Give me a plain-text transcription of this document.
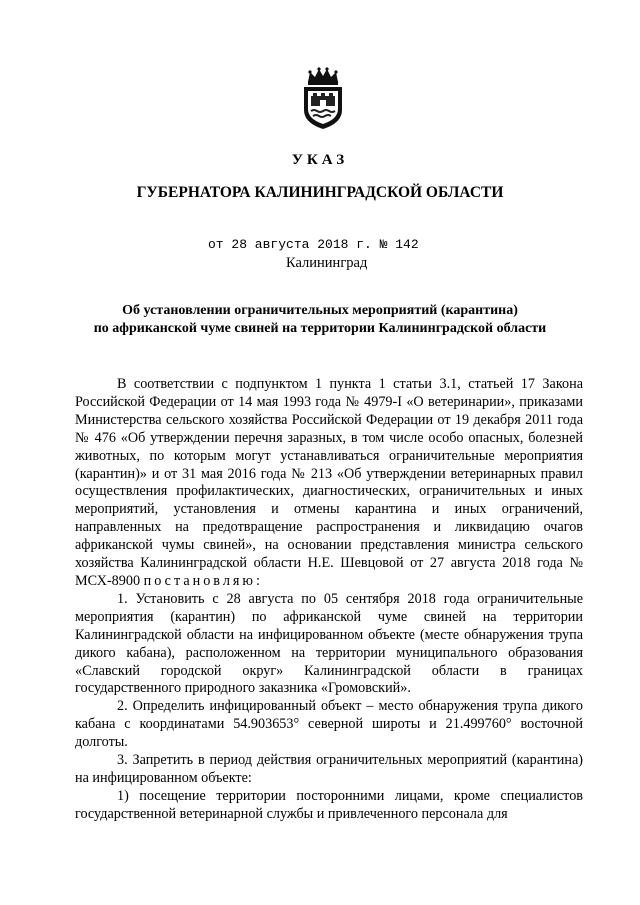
УКАЗ
ГУБЕРНАТОРА КАЛИНИНГРАДСКОЙ ОБЛАСТИ
от 28 августа 2018 г. № 142
Калининград
Об установлении ограничительных мероприятий (карантина)
по африканской чуме свиней на территории Калининградской области

В соответствии с подпунктом 1 пункта 1 статьи 3.1, статьей 17 Закона Российской Федерации от 14 мая 1993 года № 4979-I «О ветеринарии», приказами Министерства сельского хозяйства Российской Федерации от 19 декабря 2011 года № 476 «Об утверждении перечня заразных, в том числе особо опасных, болезней животных, по которым могут устанавливаться ограничительные мероприятия (карантин)» и от 31 мая 2016 года № 213 «Об утверждении ветеринарных правил осуществления профилактических, диагностических, ограничительных и иных мероприятий, установления и отмены карантина и иных ограничений, направленных на предотвращение распространения и ликвидацию очагов африканской чумы свиней», на основании представления министра сельского хозяйства Калининградской области Н.Е. Шевцовой от 27 августа 2018 года № МСХ-8900 постановляю:

1. Установить с 28 августа по 05 сентября 2018 года ограничительные мероприятия (карантин) по африканской чуме свиней на территории Калининградской области на инфицированном объекте (месте обнаружения трупа дикого кабана), расположенном на территории муниципального образования «Славский городской округ» Калининградской области в границах государственного природного заказника «Громовский».

2. Определить инфицированный объект – место обнаружения трупа дикого кабана с координатами 54.903653° северной широты и 21.499760° восточной долготы.

3. Запретить в период действия ограничительных мероприятий (карантина) на инфицированном объекте:

1) посещение территории посторонними лицами, кроме специалистов государственной ветеринарной службы и привлеченного персонала для
